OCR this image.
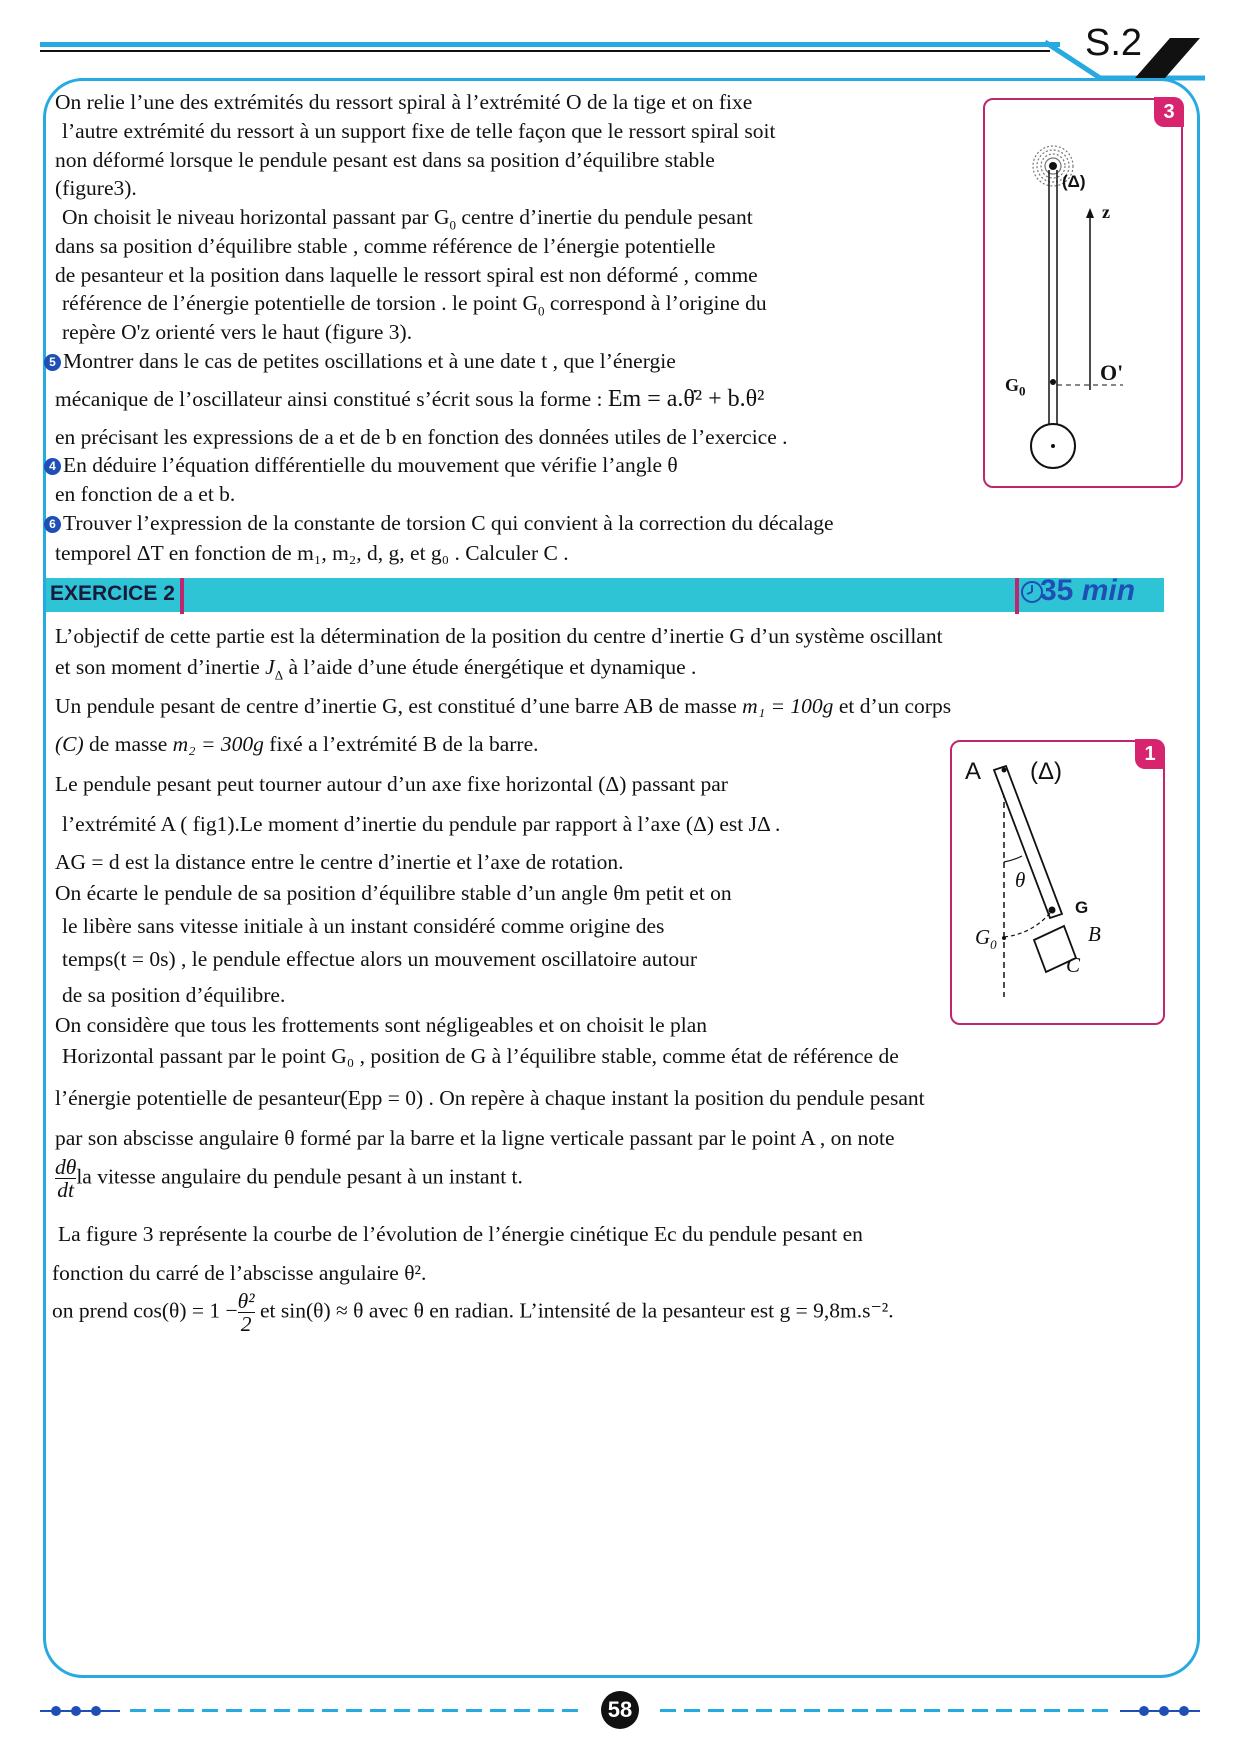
S.2
On relie l’une des extrémités du ressort spiral à l’extrémité O de la tige et on fixe
l’autre extrémité du ressort à un support fixe de telle façon que le ressort spiral soit
non déformé lorsque le pendule pesant est dans sa position d’équilibre stable
(figure3).
On choisit le niveau horizontal passant par $G_0$ centre d’inertie du pendule pesant
dans sa position d’équilibre stable , comme référence de l’énergie potentielle
de pesanteur et la position dans laquelle le ressort spiral est non déformé , comme
référence de l’énergie potentielle de torsion . le point $G_0$ correspond à l’origine du
repère O'z orienté vers le haut (figure 3).
5 Montrer dans le cas de petites oscillations et à une date t , que l’énergie
mécanique de l’oscillateur ainsi constitué s’écrit sous la forme : Em = a.θ̇² + b.θ²
en précisant les expressions de a et de b en fonction des données utiles de l’exercice .
4 En déduire l’équation différentielle du mouvement que vérifie l’angle θ
en fonction de a et b.
6 Trouver l’expression de la constante de torsion C qui convient à la correction du décalage
temporel ΔT en fonction de m₁, m₂, d, g, et g₀ . Calculer C .
3
(Δ)
z
$G_0$
O'
EXERCICE 2	35 min
L’objectif de cette partie est la détermination de la position du centre d’inertie G d’un système oscillant
et son moment d’inertie $J_\Delta$ à l’aide d’une étude énergétique et dynamique .
Un pendule pesant de centre d’inertie G, est constitué d’une barre AB de masse m₁ = 100g et d’un corps
(C) de masse m₂ = 300g fixé a l’extrémité B de la barre.
Le pendule pesant peut tourner autour d’un axe fixe horizontal (Δ) passant par
l’extrémité A ( fig1).Le moment d’inertie du pendule par rapport à l’axe (Δ) est JΔ .
AG = d est la distance entre le centre d’inertie et l’axe de rotation.
On écarte le pendule de sa position d’équilibre stable d’un angle θm petit et on
le libère sans vitesse initiale à un instant considéré comme origine des
temps(t = 0s) , le pendule effectue alors un mouvement oscillatoire autour
de sa position d’équilibre.
On considère que tous les frottements sont négligeables et on choisit le plan
Horizontal passant par le point G₀ , position de G à l’équilibre stable, comme état de référence de
l’énergie potentielle de pesanteur(Epp = 0) . On repère à chaque instant la position du pendule pesant
par son abscisse angulaire θ formé par la barre et la ligne verticale passant par le point A , on note
$\frac{d\theta}{dt}$ la vitesse angulaire du pendule pesant à un instant t.
La figure 3 représente la courbe de l’évolution de l’énergie cinétique Ec du pendule pesant en
fonction du carré de l’abscisse angulaire θ².
on prend $\cos(\theta) = 1 - \frac{\text{θ²}}{2}$ et sin(θ) ≈ θ avec θ en radian. L’intensité de la pesanteur est g = 9,8m.s⁻².
1
A (Δ)
θ
G
$G_0$	B
C
58
